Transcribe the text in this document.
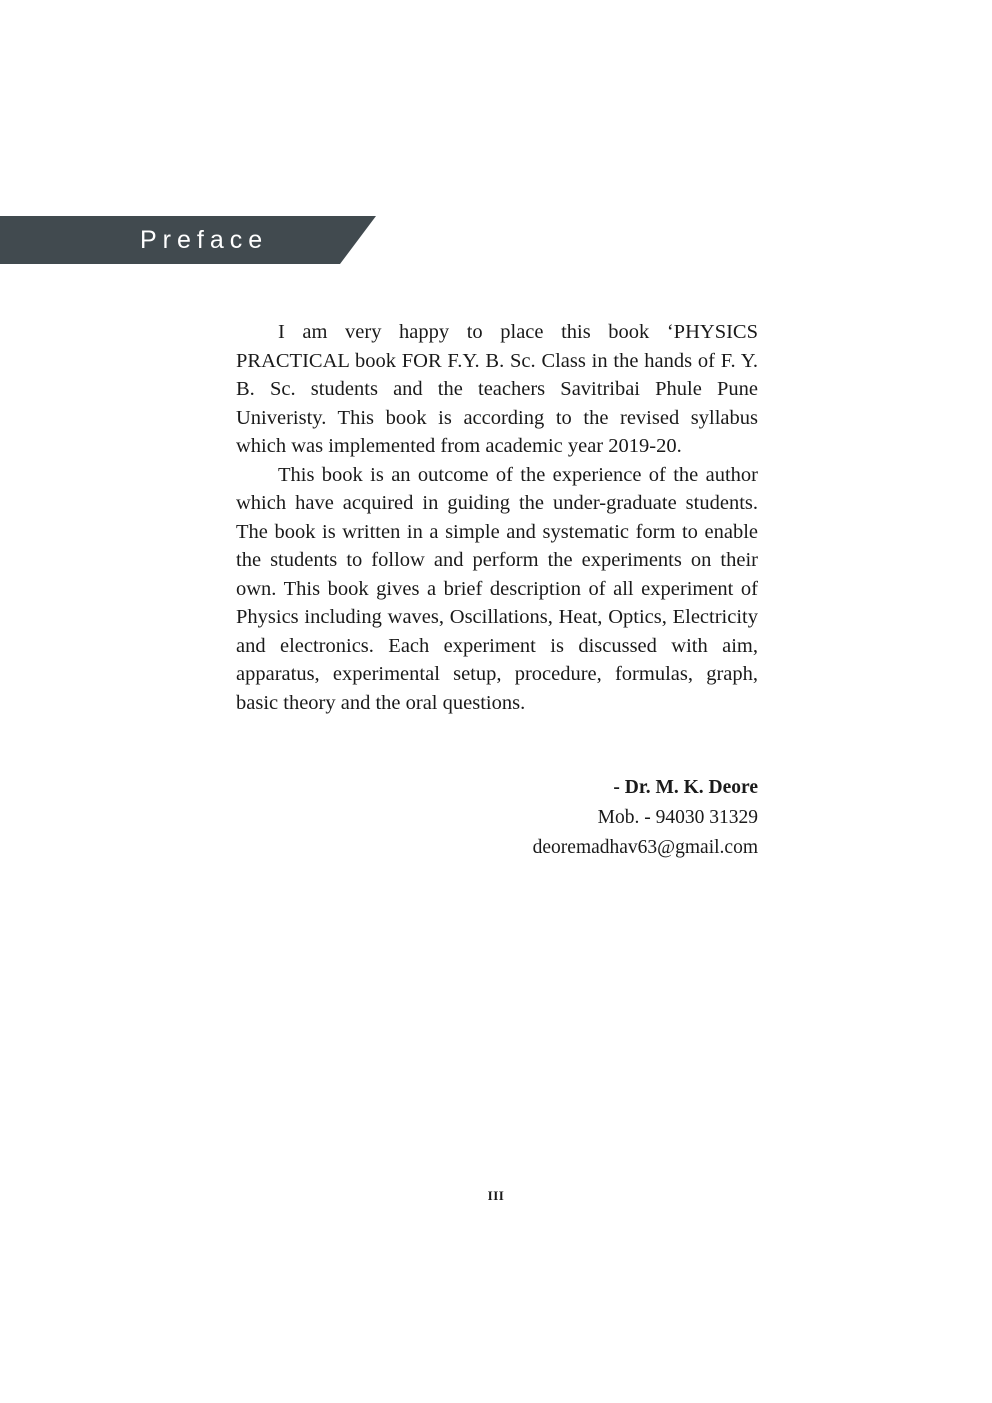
Preface

I am very happy to place this book ‘PHYSICS PRACTICAL book FOR F.Y. B. Sc. Class in the hands of F. Y. B. Sc. students and the teachers Savitribai Phule Pune Univeristy. This book is according to the revised syllabus which was implemented from academic year 2019-20.

This book is an outcome of the experience of the author which have acquired in guiding the under-graduate students. The book is written in a simple and systematic form to enable the students to follow and perform the experiments on their own. This book gives a brief description of all experiment of Physics including waves, Oscillations, Heat, Optics, Electricity and electronics. Each experiment is discussed with aim, apparatus, experimental setup, procedure, formulas, graph, basic theory and the oral questions.

- Dr. M. K. Deore
Mob. - 94030 31329
deoremadhav63@gmail.com
III
